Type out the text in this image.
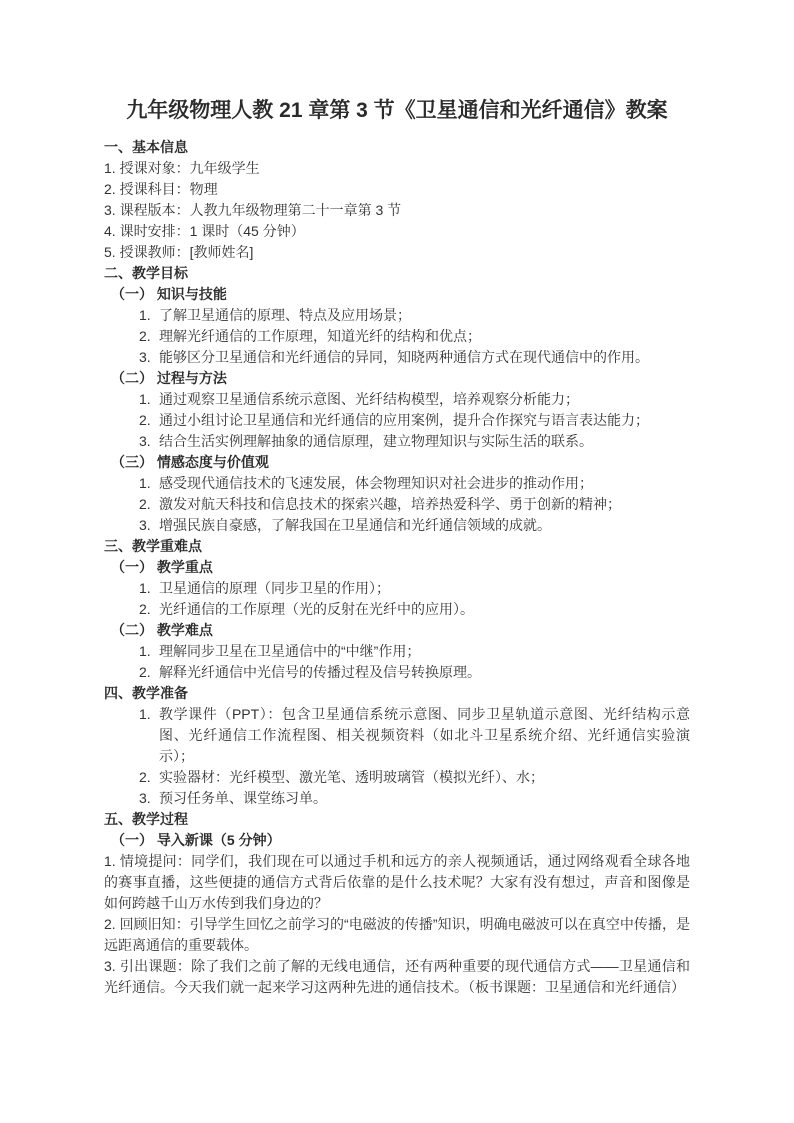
九年级物理人教 21 章第 3 节《卫星通信和光纤通信》教案
一、基本信息
1. 授课对象：九年级学生
2. 授课科目：物理
3. 课程版本：人教九年级物理第二十一章第 3 节
4. 课时安排：1 课时（45 分钟）
5. 授课教师：[教师姓名]
二、教学目标
（一） 知识与技能
1. 了解卫星通信的原理、特点及应用场景；
2. 理解光纤通信的工作原理，知道光纤的结构和优点；
3. 能够区分卫星通信和光纤通信的异同，知晓两种通信方式在现代通信中的作用。
（二） 过程与方法
1. 通过观察卫星通信系统示意图、光纤结构模型，培养观察分析能力；
2. 通过小组讨论卫星通信和光纤通信的应用案例，提升合作探究与语言表达能力；
3. 结合生活实例理解抽象的通信原理，建立物理知识与实际生活的联系。
（三） 情感态度与价值观
1. 感受现代通信技术的飞速发展，体会物理知识对社会进步的推动作用；
2. 激发对航天科技和信息技术的探索兴趣，培养热爱科学、勇于创新的精神；
3. 增强民族自豪感，了解我国在卫星通信和光纤通信领域的成就。
三、教学重难点
（一） 教学重点
1. 卫星通信的原理（同步卫星的作用）；
2. 光纤通信的工作原理（光的反射在光纤中的应用）。
（二） 教学难点
1. 理解同步卫星在卫星通信中的“中继”作用；
2. 解释光纤通信中光信号的传播过程及信号转换原理。
四、教学准备
1. 教学课件（PPT）：包含卫星通信系统示意图、同步卫星轨道示意图、光纤结构示意图、光纤通信工作流程图、相关视频资料（如北斗卫星系统介绍、光纤通信实验演示）；
2. 实验器材：光纤模型、激光笔、透明玻璃管（模拟光纤）、水；
3. 预习任务单、课堂练习单。
五、教学过程
（一） 导入新课（5 分钟）
1. 情境提问：同学们，我们现在可以通过手机和远方的亲人视频通话，通过网络观看全球各地的赛事直播，这些便捷的通信方式背后依靠的是什么技术呢？大家有没有想过，声音和图像是如何跨越千山万水传到我们身边的？
2. 回顾旧知：引导学生回忆之前学习的“电磁波的传播”知识，明确电磁波可以在真空中传播，是远距离通信的重要载体。
3. 引出课题：除了我们之前了解的无线电通信，还有两种重要的现代通信方式——卫星通信和光纤通信。今天我们就一起来学习这两种先进的通信技术。（板书课题：卫星通信和光纤通信）
